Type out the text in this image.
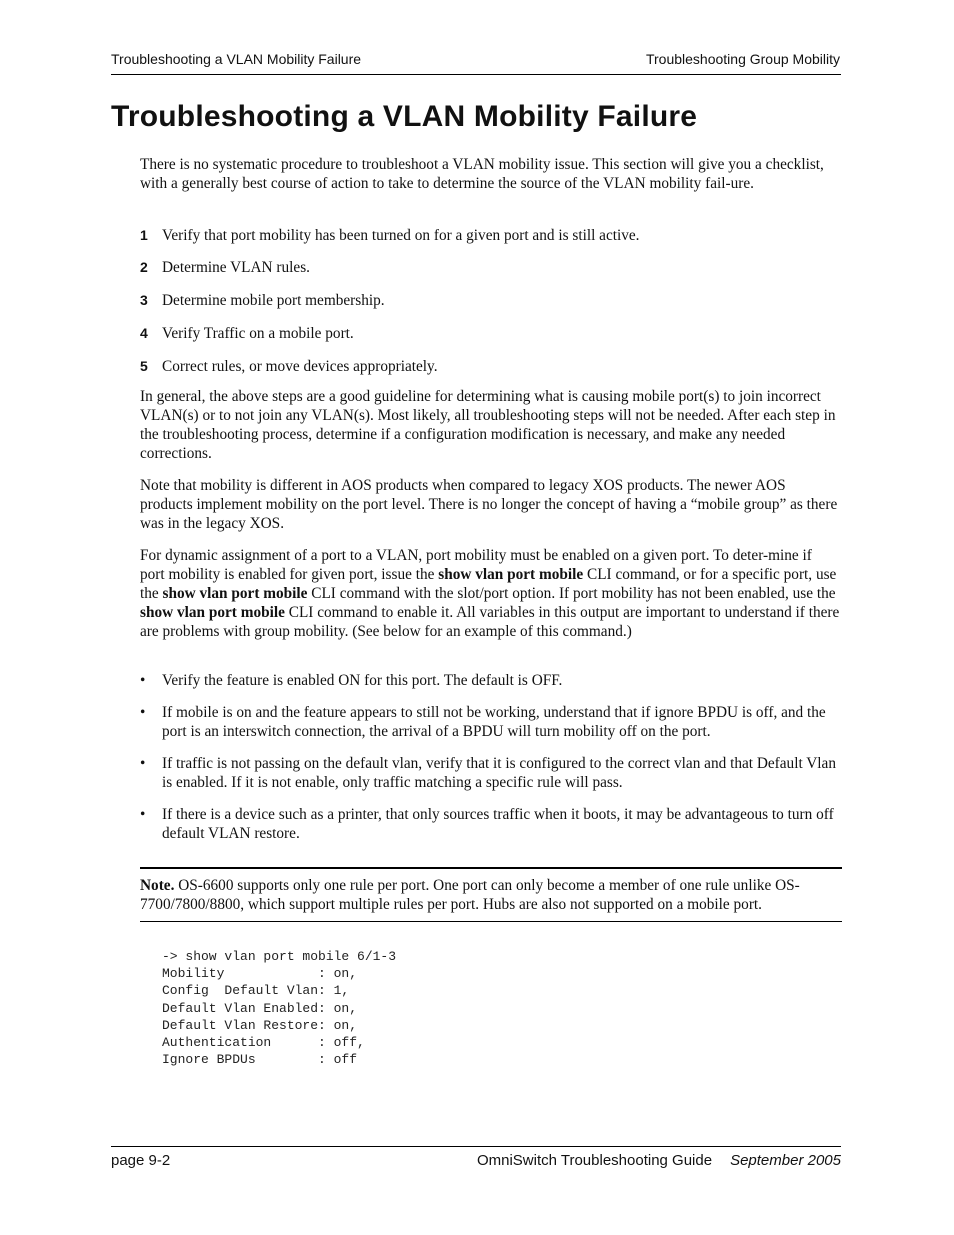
Troubleshooting a VLAN Mobility Failure	Troubleshooting Group Mobility
Troubleshooting a VLAN Mobility Failure

There is no systematic procedure to troubleshoot a VLAN mobility issue. This section will give you a checklist, with a generally best course of action to take to determine the source of the VLAN mobility fail-ure.

1 Verify that port mobility has been turned on for a given port and is still active.
2 Determine VLAN rules.
3 Determine mobile port membership.
4 Verify Traffic on a mobile port.
5 Correct rules, or move devices appropriately.

In general, the above steps are a good guideline for determining what is causing mobile port(s) to join incorrect VLAN(s) or to not join any VLAN(s). Most likely, all troubleshooting steps will not be needed. After each step in the troubleshooting process, determine if a configuration modification is necessary, and make any needed corrections.

Note that mobility is different in AOS products when compared to legacy XOS products. The newer AOS products implement mobility on the port level. There is no longer the concept of having a “mobile group” as there was in the legacy XOS.

For dynamic assignment of a port to a VLAN, port mobility must be enabled on a given port. To deter-mine if port mobility is enabled for given port, issue the show vlan port mobile CLI command, or for a specific port, use the show vlan port mobile CLI command with the slot/port option. If port mobility has not been enabled, use the show vlan port mobile CLI command to enable it. All variables in this output are important to understand if there are problems with group mobility. (See below for an example of this command.)

• Verify the feature is enabled ON for this port. The default is OFF.
• If mobile is on and the feature appears to still not be working, understand that if ignore BPDU is off, and the port is an interswitch connection, the arrival of a BPDU will turn mobility off on the port.
• If traffic is not passing on the default vlan, verify that it is configured to the correct vlan and that Default Vlan is enabled. If it is not enable, only traffic matching a specific rule will pass.
• If there is a device such as a printer, that only sources traffic when it boots, it may be advantageous to turn off default VLAN restore.
Note. OS-6600 supports only one rule per port. One port can only become a member of one rule unlike OS-7700/7800/8800, which support multiple rules per port. Hubs are also not supported on a mobile port.
-> show vlan port mobile 6/1-3
Mobility            : on,
Config  Default Vlan: 1,
Default Vlan Enabled: on,
Default Vlan Restore: on,
Authentication      : off,
Ignore BPDUs        : off
page 9-2	OmniSwitch Troubleshooting Guide September 2005
